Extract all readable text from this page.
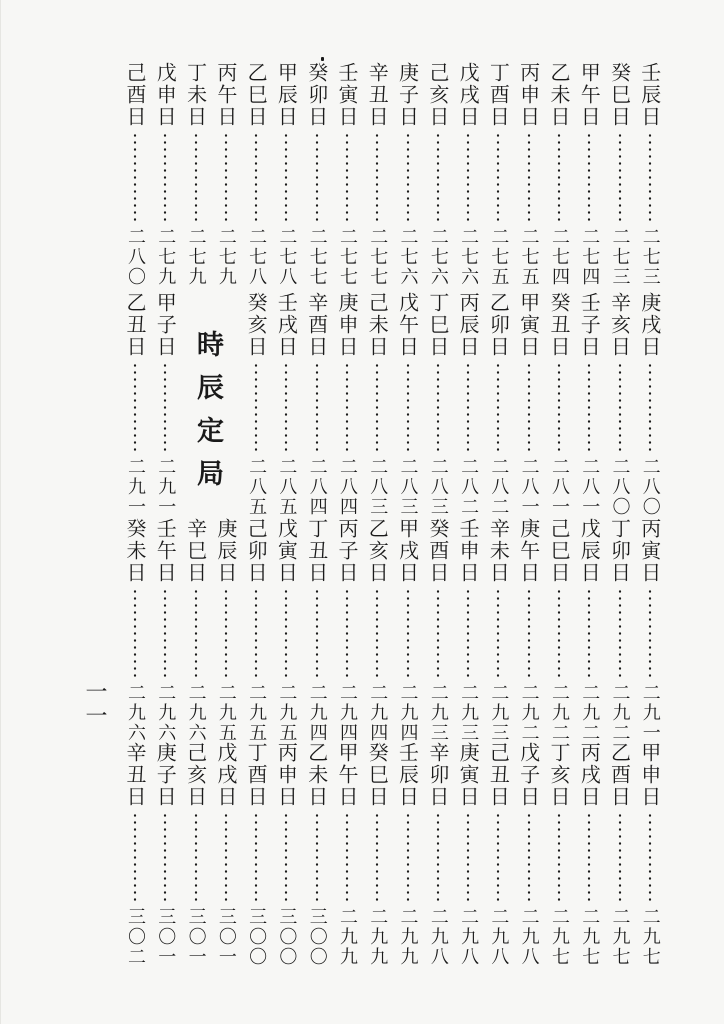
壬辰日
二七三
癸巳日
二七三
甲午日
二七四
乙未日
二七四
丙申日
二七五
丁酉日
二七五
戊戌日
二七六
己亥日
二七六
庚子日
二七六
辛丑日
二七七
壬寅日
二七七
癸卯日
二七七
甲辰日
二七八
乙巳日
二七八
丙午日
二七九
丁未日
二七九
戊申日
二七九
己酉日
二八〇
庚戌日
二八〇
辛亥日
二八〇
壬子日
二八一
癸丑日
二八一
甲寅日
二八一
乙卯日
二八二
丙辰日
二八二
丁巳日
二八三
戊午日
二八三
己未日
二八三
庚申日
二八四
辛酉日
二八四
壬戌日
二八五
癸亥日
二八五
甲子日
二九一
乙丑日
二九一
丙寅日
二九一
丁卯日
二九二
戊辰日
二九二
己巳日
二九二
庚午日
二九二
辛未日
二九三
壬申日
二九三
癸酉日
二九三
甲戌日
二九四
乙亥日
二九四
丙子日
二九四
丁丑日
二九四
戊寅日
二九五
己卯日
二九五
庚辰日
二九五
辛巳日
二九六
壬午日
二九六
癸未日
二九六
甲申日
二九七
乙酉日
二九七
丙戌日
二九七
丁亥日
二九七
戊子日
二九八
己丑日
二九八
庚寅日
二九八
辛卯日
二九八
壬辰日
二九九
癸巳日
二九九
甲午日
二九九
乙未日
三〇〇
丙申日
三〇〇
丁酉日
三〇〇
戊戌日
三〇一
己亥日
三〇一
庚子日
三〇一
辛丑日
三〇二
時辰定局
一一
